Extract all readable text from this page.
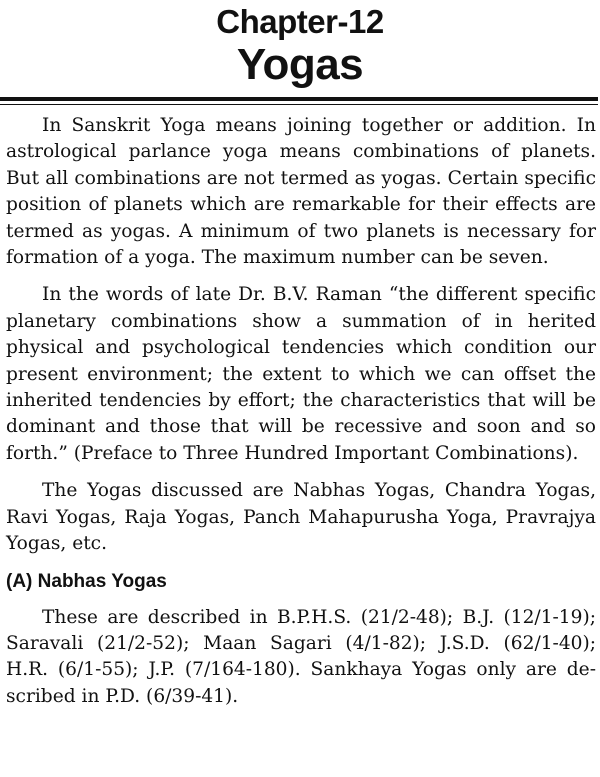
Chapter-12
Yogas

In Sanskrit Yoga means joining together or addition. In astrological parlance yoga means combinations of planets. But all combinations are not termed as yogas. Certain specific position of planets which are remarkable for their effects are termed as yogas. A minimum of two planets is necessary for formation of a yoga. The maximum number can be seven.

In the words of late Dr. B.V. Raman “the different specific planetary combinations show a summation of in herited physical and psychological tendencies which condition our present environment; the extent to which we can offset the inherited tendencies by effort; the characteristics that will be dominant and those that will be recessive and soon and so forth.” (Preface to Three Hundred Important Combinations).

The Yogas discussed are Nabhas Yogas, Chandra Yogas, Ravi Yogas, Raja Yogas, Panch Mahapurusha Yoga, Pravrajya Yogas, etc.

(A) Nabhas Yogas

These are described in B.P.H.S. (21/2-48); B.J. (12/1-19); Saravali (21/2-52); Maan Sagari (4/1-82); J.S.D. (62/1-40); H.R. (6/1-55); J.P. (7/164-180). Sankhaya Yogas only are described in P.D. (6/39-41).
